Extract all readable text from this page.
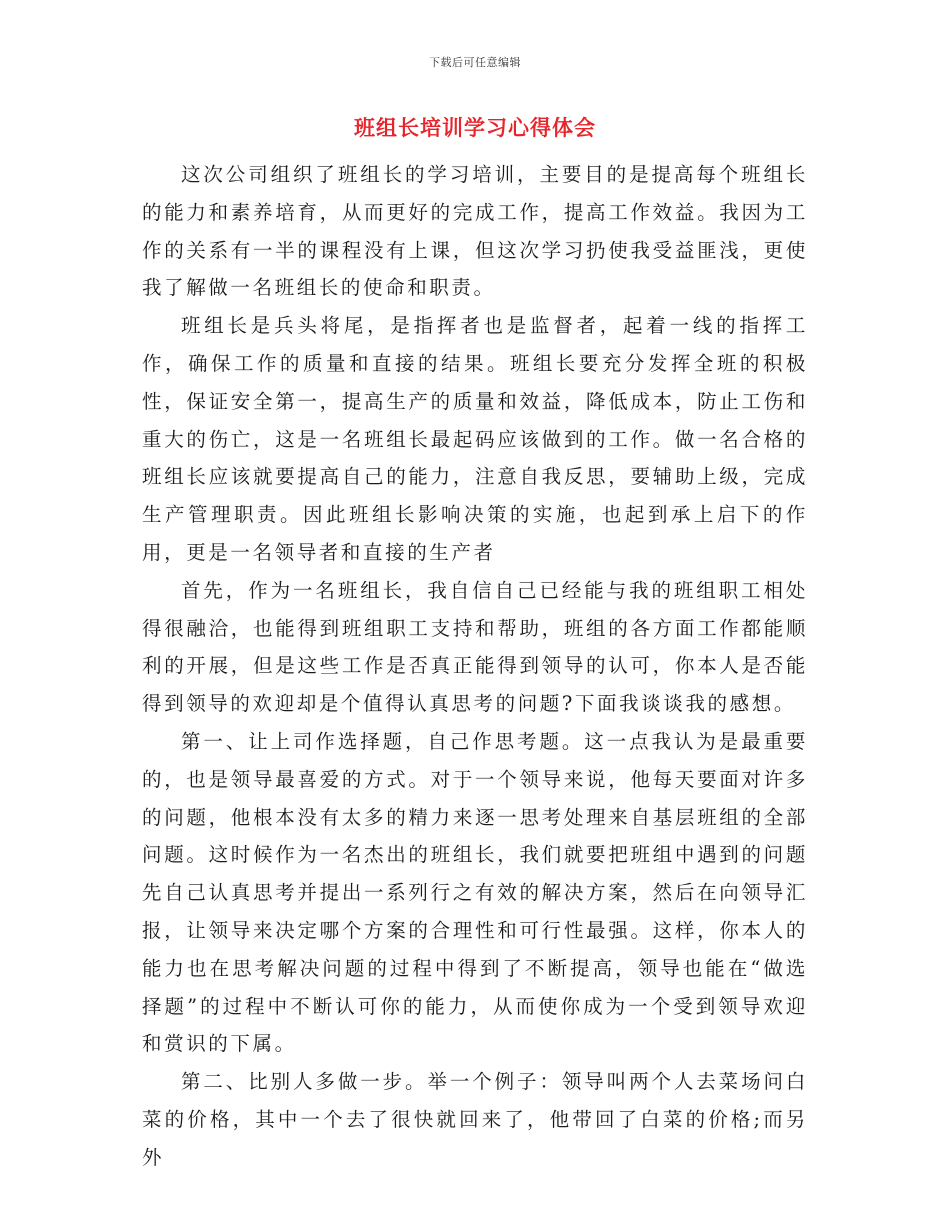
下载后可任意编辑
班组长培训学习心得体会

这次公司组织了班组长的学习培训，主要目的是提高每个班组长的能力和素养培育，从而更好的完成工作，提高工作效益。我因为工作的关系有一半的课程没有上课，但这次学习扔使我受益匪浅，更使我了解做一名班组长的使命和职责。

班组长是兵头将尾，是指挥者也是监督者，起着一线的指挥工作，确保工作的质量和直接的结果。班组长要充分发挥全班的积极性，保证安全第一，提高生产的质量和效益，降低成本，防止工伤和重大的伤亡，这是一名班组长最起码应该做到的工作。做一名合格的班组长应该就要提高自己的能力，注意自我反思，要辅助上级，完成生产管理职责。因此班组长影响决策的实施，也起到承上启下的作用，更是一名领导者和直接的生产者

首先，作为一名班组长，我自信自己已经能与我的班组职工相处得很融洽，也能得到班组职工支持和帮助，班组的各方面工作都能顺利的开展，但是这些工作是否真正能得到领导的认可，你本人是否能得到领导的欢迎却是个值得认真思考的问题?下面我谈谈我的感想。

第一、让上司作选择题，自己作思考题。这一点我认为是最重要的，也是领导最喜爱的方式。对于一个领导来说，他每天要面对许多的问题，他根本没有太多的精力来逐一思考处理来自基层班组的全部问题。这时候作为一名杰出的班组长，我们就要把班组中遇到的问题先自己认真思考并提出一系列行之有效的解决方案，然后在向领导汇报，让领导来决定哪个方案的合理性和可行性最强。这样，你本人的能力也在思考解决问题的过程中得到了不断提高，领导也能在“做选择题”的过程中不断认可你的能力，从而使你成为一个受到领导欢迎和赏识的下属。

第二、比别人多做一步。举一个例子：领导叫两个人去菜场问白菜的价格，其中一个去了很快就回来了，他带回了白菜的价格;而另外
